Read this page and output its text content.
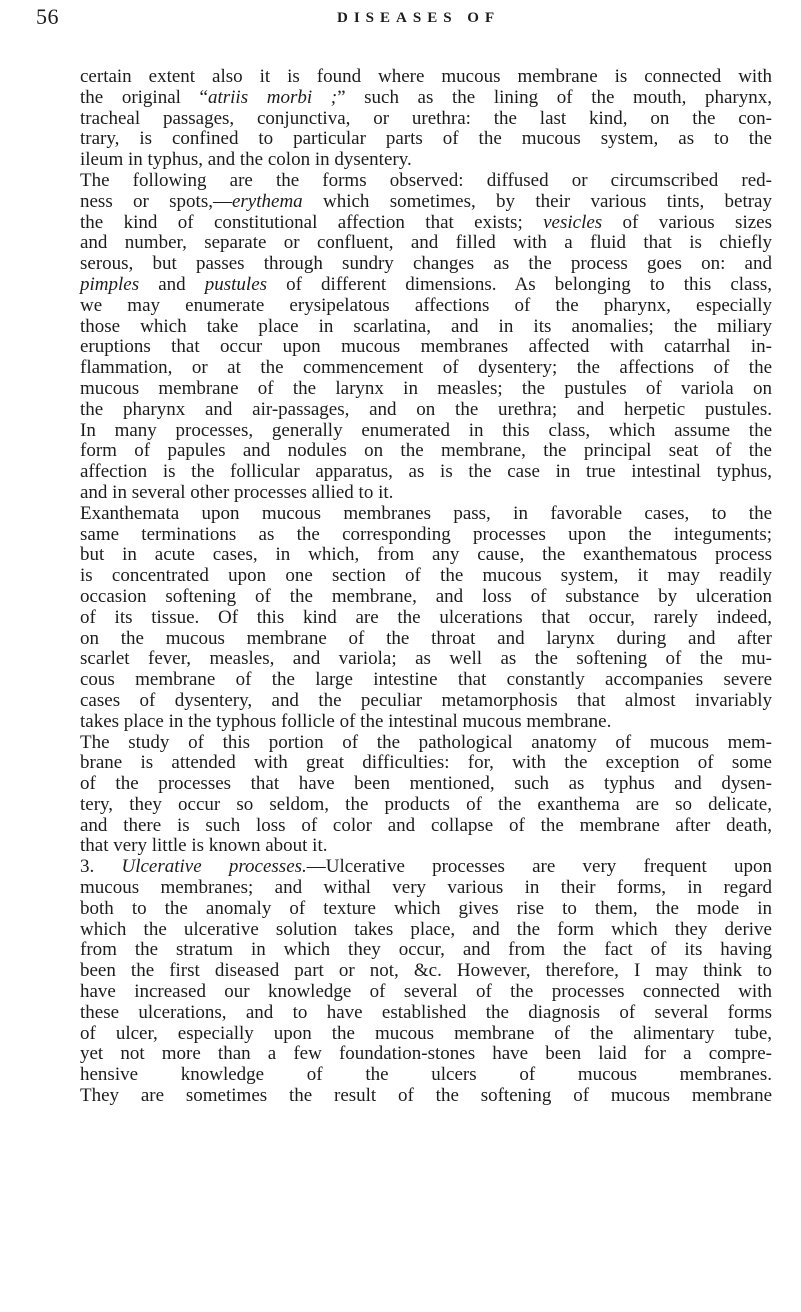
56	DISEASES OF
certain extent also it is found where mucous membrane is connected with
the original “atriis morbi ;” such as the lining of the mouth, pharynx,
tracheal passages, conjunctiva, or urethra: the last kind, on the con-
trary, is confined to particular parts of the mucous system, as to the
ileum in typhus, and the colon in dysentery.
The following are the forms observed: diffused or circumscribed red-
ness or spots,—erythema which sometimes, by their various tints, betray
the kind of constitutional affection that exists; vesicles of various sizes
and number, separate or confluent, and filled with a fluid that is chiefly
serous, but passes through sundry changes as the process goes on: and
pimples and pustules of different dimensions. As belonging to this class,
we may enumerate erysipelatous affections of the pharynx, especially
those which take place in scarlatina, and in its anomalies; the miliary
eruptions that occur upon mucous membranes affected with catarrhal in-
flammation, or at the commencement of dysentery; the affections of the
mucous membrane of the larynx in measles; the pustules of variola on
the pharynx and air-passages, and on the urethra; and herpetic pustules.
In many processes, generally enumerated in this class, which assume the
form of papules and nodules on the membrane, the principal seat of the
affection is the follicular apparatus, as is the case in true intestinal typhus,
and in several other processes allied to it.
Exanthemata upon mucous membranes pass, in favorable cases, to the
same terminations as the corresponding processes upon the integuments;
but in acute cases, in which, from any cause, the exanthematous process
is concentrated upon one section of the mucous system, it may readily
occasion softening of the membrane, and loss of substance by ulceration
of its tissue. Of this kind are the ulcerations that occur, rarely indeed,
on the mucous membrane of the throat and larynx during and after
scarlet fever, measles, and variola; as well as the softening of the mu-
cous membrane of the large intestine that constantly accompanies severe
cases of dysentery, and the peculiar metamorphosis that almost invariably
takes place in the typhous follicle of the intestinal mucous membrane.
The study of this portion of the pathological anatomy of mucous mem-
brane is attended with great difficulties: for, with the exception of some
of the processes that have been mentioned, such as typhus and dysen-
tery, they occur so seldom, the products of the exanthema are so delicate,
and there is such loss of color and collapse of the membrane after death,
that very little is known about it.
3. Ulcerative processes.—Ulcerative processes are very frequent upon
mucous membranes; and withal very various in their forms, in regard
both to the anomaly of texture which gives rise to them, the mode in
which the ulcerative solution takes place, and the form which they derive
from the stratum in which they occur, and from the fact of its having
been the first diseased part or not, &c. However, therefore, I may think to
have increased our knowledge of several of the processes connected with
these ulcerations, and to have established the diagnosis of several forms
of ulcer, especially upon the mucous membrane of the alimentary tube,
yet not more than a few foundation-stones have been laid for a compre-
hensive knowledge of the ulcers of mucous membranes.
They are sometimes the result of the softening of mucous membrane
